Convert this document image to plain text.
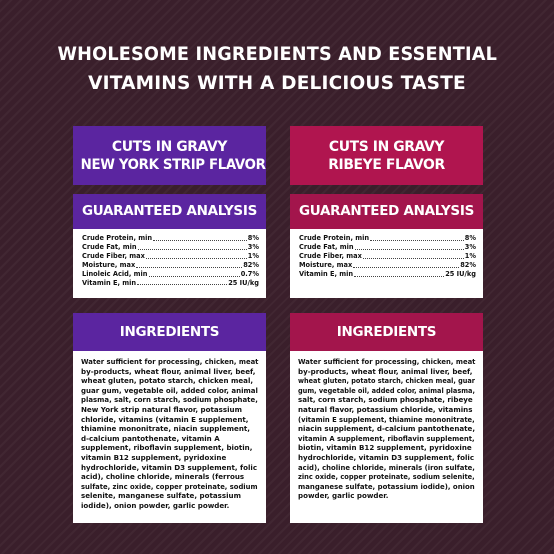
WHOLESOME INGREDIENTS AND ESSENTIAL
VITAMINS WITH A DELICIOUS TASTE
CUTS IN GRAVY
NEW YORK STRIP FLAVOR
GUARANTEED ANALYSIS
Crude Protein, min	8%
Crude Fat, min	3%
Crude Fiber, max	1%
Moisture, max	82%
Linoleic Acid, min	0.7%
Vitamin E, min	25 IU/kg
INGREDIENTS
Water sufficient for processing, chicken, meat
by-products, wheat flour, animal liver, beef,
wheat gluten, potato starch, chicken meal,
guar gum, vegetable oil, added color, animal
plasma, salt, corn starch, sodium phosphate,
New York strip natural flavor, potassium
chloride, vitamins (vitamin E supplement,
thiamine mononitrate, niacin supplement,
d-calcium pantothenate, vitamin A
supplement, riboflavin supplement, biotin,
vitamin B12 supplement, pyridoxine
hydrochloride, vitamin D3 supplement, folic
acid), choline chloride, minerals (ferrous
sulfate, zinc oxide, copper proteinate, sodium
selenite, manganese sulfate, potassium
iodide), onion powder, garlic powder.
CUTS IN GRAVY
RIBEYE FLAVOR
GUARANTEED ANALYSIS
Crude Protein, min	8%
Crude Fat, min	3%
Crude Fiber, max	1%
Moisture, max	82%
Vitamin E, min	25 IU/kg
INGREDIENTS
Water sufficient for processing, chicken, meat
by-products, wheat flour, animal liver, beef,
wheat gluten, potato starch, chicken meal, guar
gum, vegetable oil, added color, animal plasma,
salt, corn starch, sodium phosphate, ribeye
natural flavor, potassium chloride, vitamins
(vitamin E supplement, thiamine mononitrate,
niacin supplement, d-calcium pantothenate,
vitamin A supplement, riboflavin supplement,
biotin, vitamin B12 supplement, pyridoxine
hydrochloride, vitamin D3 supplement, folic
acid), choline chloride, minerals (iron sulfate,
zinc oxide, copper proteinate, sodium selenite,
manganese sulfate, potassium iodide), onion
powder, garlic powder.
